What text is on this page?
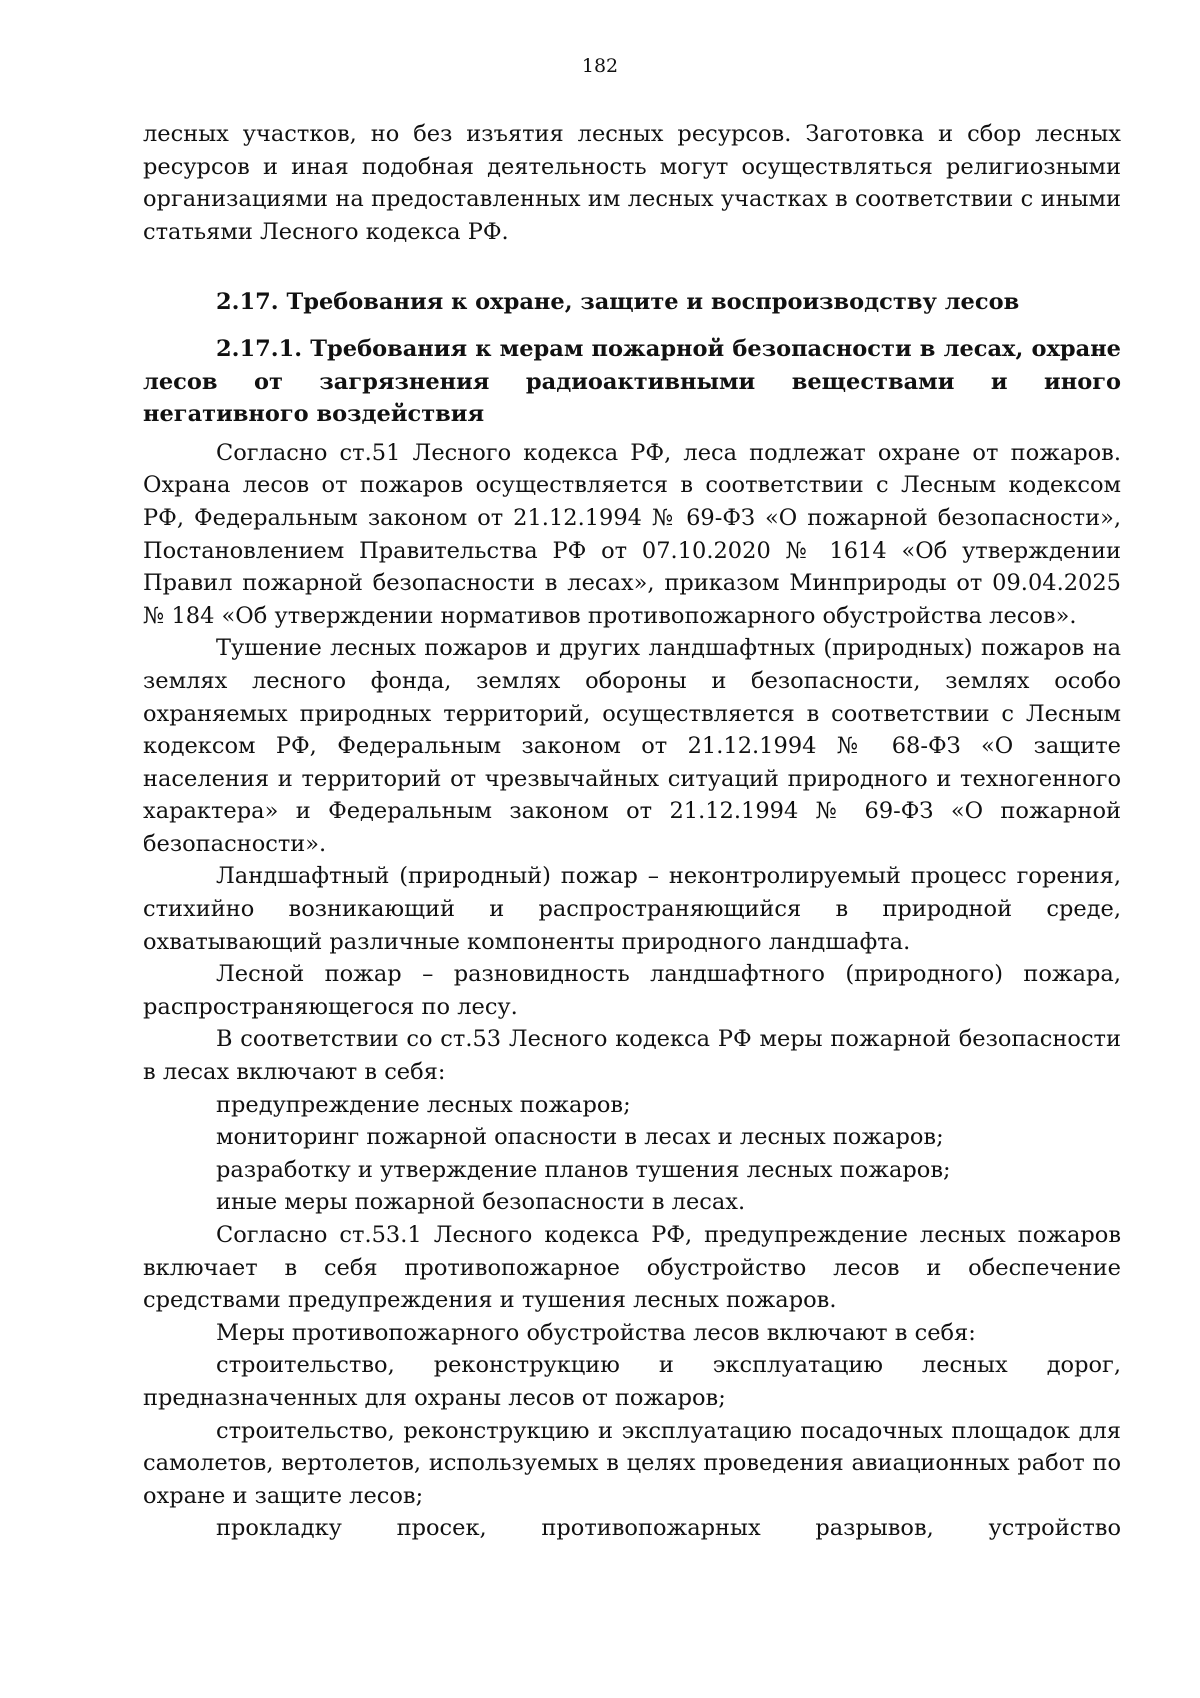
182

лесных участков, но без изъятия лесных ресурсов. Заготовка и сбор лесных ресурсов и иная подобная деятельность могут осуществляться религиозными организациями на предоставленных им лесных участках в соответствии с иными статьями Лесного кодекса РФ.

2.17. Требования к охране, защите и воспроизводству лесов

2.17.1. Требования к мерам пожарной безопасности в лесах, охране лесов от загрязнения радиоактивными веществами и иного негативного воздействия

Согласно ст.51 Лесного кодекса РФ, леса подлежат охране от пожаров. Охрана лесов от пожаров осуществляется в соответствии с Лесным кодексом РФ, Федеральным законом от 21.12.1994 № 69-ФЗ «О пожарной безопасности», Постановлением Правительства РФ от 07.10.2020 № 1614 «Об утверждении Правил пожарной безопасности в лесах», приказом Минприроды от 09.04.2025 № 184 «Об утверждении нормативов противопожарного обустройства лесов».

Тушение лесных пожаров и других ландшафтных (природных) пожаров на землях лесного фонда, землях обороны и безопасности, землях особо охраняемых природных территорий, осуществляется в соответствии с Лесным кодексом РФ, Федеральным законом от 21.12.1994 № 68-ФЗ «О защите населения и территорий от чрезвычайных ситуаций природного и техногенного характера» и Федеральным законом от 21.12.1994 № 69-ФЗ «О пожарной безопасности».

Ландшафтный (природный) пожар – неконтролируемый процесс горения, стихийно возникающий и распространяющийся в природной среде, охватывающий различные компоненты природного ландшафта.

Лесной пожар – разновидность ландшафтного (природного) пожара, распространяющегося по лесу.

В соответствии со ст.53 Лесного кодекса РФ меры пожарной безопасности в лесах включают в себя:

предупреждение лесных пожаров;

мониторинг пожарной опасности в лесах и лесных пожаров;

разработку и утверждение планов тушения лесных пожаров;

иные меры пожарной безопасности в лесах.

Согласно ст.53.1 Лесного кодекса РФ, предупреждение лесных пожаров включает в себя противопожарное обустройство лесов и обеспечение средствами предупреждения и тушения лесных пожаров.

Меры противопожарного обустройства лесов включают в себя:

строительство, реконструкцию и эксплуатацию лесных дорог, предназначенных для охраны лесов от пожаров;

строительство, реконструкцию и эксплуатацию посадочных площадок для самолетов, вертолетов, используемых в целях проведения авиационных работ по охране и защите лесов;

прокладку просек, противопожарных разрывов, устройство
